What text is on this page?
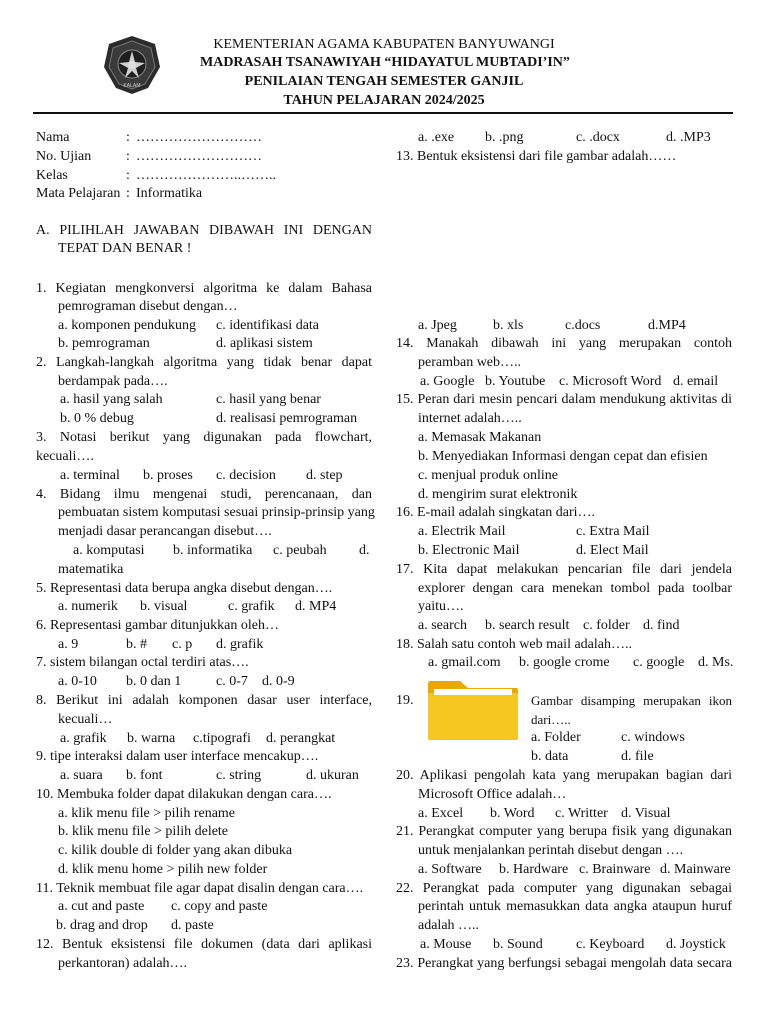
KALAM
KEMENTERIAN AGAMA KABUPATEN BANYUWANGI
MADRASAH TSANAWIYAH “HIDAYATUL MUBTADI’IN”
PENILAIAN TENGAH SEMESTER GANJIL
TAHUN PELAJARAN 2024/2025
Nama	: ………………………
No. Ujian : ………………………
Kelas	: …………………..……..
Mata Pelajaran : Informatika
A. PILIHLAH JAWABAN DIBAWAH INI DENGAN
TEPAT DAN BENAR !
1. Kegiatan mengkonversi algoritma ke dalam Bahasa
pemrograman disebut dengan…
a. komponen pendukung c. identifikasi data
b. pemrograman	d. aplikasi sistem
2. Langkah-langkah algoritma yang tidak benar dapat
berdampak pada….
a. hasil yang salah	c. hasil yang benar
b. 0 % debug	d. realisasi pemrograman
3. Notasi berikut yang digunakan pada flowchart,
kecuali….
a. terminal b. proses c. decision d. step
4. Bidang ilmu mengenai studi, perencanaan, dan
pembuatan sistem komputasi sesuai prinsip-prinsip yang
menjadi dasar perancangan disebut….
a. komputasi b. informatika c. peubah d.
matematika
5. Representasi data berupa angka disebut dengan….
a. numerik b. visual	c. grafik d. MP4
6. Representasi gambar ditunjukkan oleh…
a. 9	b. # c. p d. grafik
7. sistem bilangan octal terdiri atas….
a. 0-10 b. 0 dan 1 c. 0-7 d. 0-9
8. Berikut ini adalah komponen dasar user interface,
kecuali…
a. grafik b. warna c.tipografi d. perangkat
9. tipe interaksi dalam user interface mencakup….
a. suara b. font	c. string	d. ukuran
10. Membuka folder dapat dilakukan dengan cara….
a. klik menu file > pilih rename
b. klik menu file > pilih delete
c. kilik double di folder yang akan dibuka
d. klik menu home > pilih new folder
11. Teknik membuat file agar dapat disalin dengan cara….
a. cut and paste c. copy and paste
b. drag and drop d. paste
12. Bentuk eksistensi file dokumen (data dari aplikasi
perkantoran) adalah….
a. .exe b. .png	c. .docx	d. .MP3
13. Bentuk eksistensi dari file gambar adalah……
a. Jpeg	b. xls	c.docs	d.MP4
14. Manakah dibawah ini yang merupakan contoh
peramban web…..
a. Google b. Youtube c. Microsoft Word d. email
15. Peran dari mesin pencari dalam mendukung aktivitas di
internet adalah…..
a. Memasak Makanan
b. Menyediakan Informasi dengan cepat dan efisien
c. menjual produk online
d. mengirim surat elektronik
16. E-mail adalah singkatan dari….
a. Electrik Mail	c. Extra Mail
b. Electronic Mail	d. Elect Mail
17. Kita dapat melakukan pencarian file dari jendela
explorer dengan cara menekan tombol pada toolbar
yaitu….
a. search b. search result c. folder d. find
18. Salah satu contoh web mail adalah…..
a. gmail.com b. google crome c. google d. Ms.
19.	Gambar disamping merupakan ikon
dari…..
a. Folder	c. windows
b. data	d. file
20. Aplikasi pengolah kata yang merupakan bagian dari
Microsoft Office adalah…
a. Excel b. Word c. Writter d. Visual
21. Perangkat computer yang berupa fisik yang digunakan
untuk menjalankan perintah disebut dengan ….
a. Software b. Hardware c. Brainware d. Mainware
22. Perangkat pada computer yang digunakan sebagai
perintah untuk memasukkan data angka ataupun huruf
adalah …..
a. Mouse b. Sound c. Keyboard d. Joystick
23. Perangkat yang berfungsi sebagai mengolah data secara
